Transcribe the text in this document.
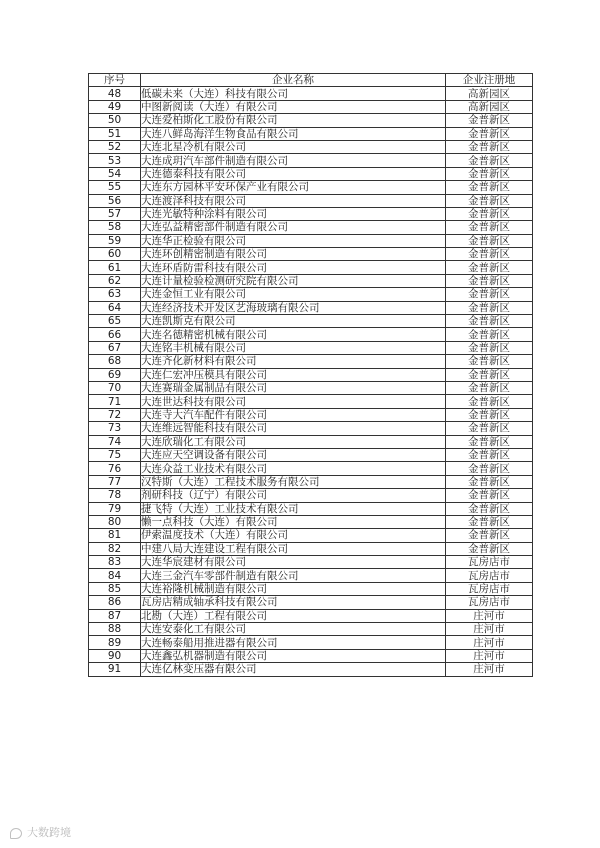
序号	企业名称	企业注册地
48	低碳未来（大连）科技有限公司	高新园区
49	中图新阅读（大连）有限公司	高新园区
50	大连爱柏斯化工股份有限公司	金普新区
51	大连八鲜岛海洋生物食品有限公司	金普新区
52	大连北星冷机有限公司	金普新区
53	大连成玥汽车部件制造有限公司	金普新区
54	大连德泰科技有限公司	金普新区
55	大连东方园林平安环保产业有限公司	金普新区
56	大连渡泽科技有限公司	金普新区
57	大连光敏特种涂料有限公司	金普新区
58	大连弘益精密部件制造有限公司	金普新区
59	大连华正检验有限公司	金普新区
60	大连环创精密制造有限公司	金普新区
61	大连环盾防雷科技有限公司	金普新区
62	大连计量检验检测研究院有限公司	金普新区
63	大连金恒工业有限公司	金普新区
64	大连经济技术开发区艺海玻璃有限公司	金普新区
65	大连凯斯克有限公司	金普新区
66	大连名德精密机械有限公司	金普新区
67	大连铭丰机械有限公司	金普新区
68	大连齐化新材料有限公司	金普新区
69	大连仁宏冲压模具有限公司	金普新区
70	大连赛瑞金属制品有限公司	金普新区
71	大连世达科技有限公司	金普新区
72	大连寺大汽车配件有限公司	金普新区
73	大连维远智能科技有限公司	金普新区
74	大连欣瑞化工有限公司	金普新区
75	大连应天空调设备有限公司	金普新区
76	大连众益工业技术有限公司	金普新区
77	汉特斯（大连）工程技术服务有限公司	金普新区
78	剂研科技（辽宁）有限公司	金普新区
79	捷飞特（大连）工业技术有限公司	金普新区
80	懒一点科技（大连）有限公司	金普新区
81	伊索温度技术（大连）有限公司	金普新区
82	中建八局大连建设工程有限公司	金普新区
83	大连华宸建材有限公司	瓦房店市
84	大连三金汽车零部件制造有限公司	瓦房店市
85	大连裕隆机械制造有限公司	瓦房店市
86	瓦房店精成轴承科技有限公司	瓦房店市
87	北勘（大连）工程有限公司	庄河市
88	大连安泰化工有限公司	庄河市
89	大连畅泰船用推进器有限公司	庄河市
90	大连鑫弘机器制造有限公司	庄河市
91	大连亿林变压器有限公司	庄河市
大数跨境
